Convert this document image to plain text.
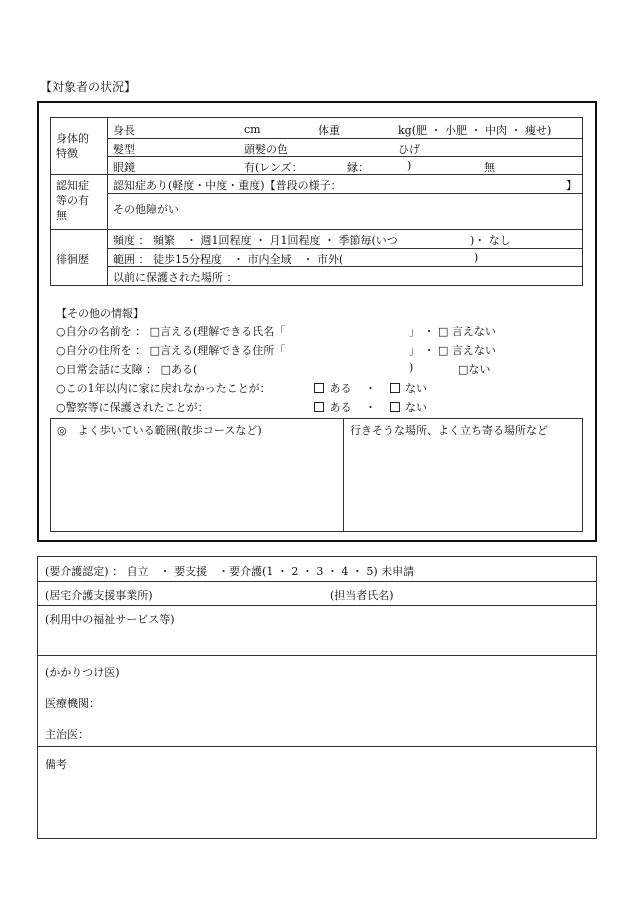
【対象者の状況】
身体的
特徴
身長	cm	体重	kg(肥 ・ 小肥 ・ 中肉 ・ 痩せ)
髪型	頭髪の色	ひげ
眼鏡	有(レンズ：	縁：	)	無
認知症
等の有
無
認知症あり(軽度・中度・重度)【普段の様子：	】
その他障がい
徘徊歴
頻度 ： 頻繁　・ 週1回程度 ・ 月1回程度 ・ 季節毎(いつ	)・ なし
範囲 ： 徒歩15分程度　・ 市内全域　・ 市外(	)
以前に保護された場所 ：
【その他の情報】
○自分の名前を ： □言える(理解できる氏名「	」 ・ □ 言えない
○自分の住所を ： □言える(理解できる住所「	」 ・ □ 言えない
○日常会話に支障 ： □ある(	)	□ない
○この1年以内に家に戻れなかったことが：	ある ・	ない
○警察等に保護されたことが：	ある ・	ない
◎　よく歩いている範囲(散歩コースなど)	行きそうな場所、よく立ち寄る場所など
(要介護認定) ： 自立　・ 要支援　・要介護(1 ・ 2 ・ 3 ・ 4 ・ 5) 未申請
(居宅介護支援事業所)	(担当者氏名)
(利用中の福祉サービス等)
(かかりつけ医)
医療機関：
主治医：
備考
